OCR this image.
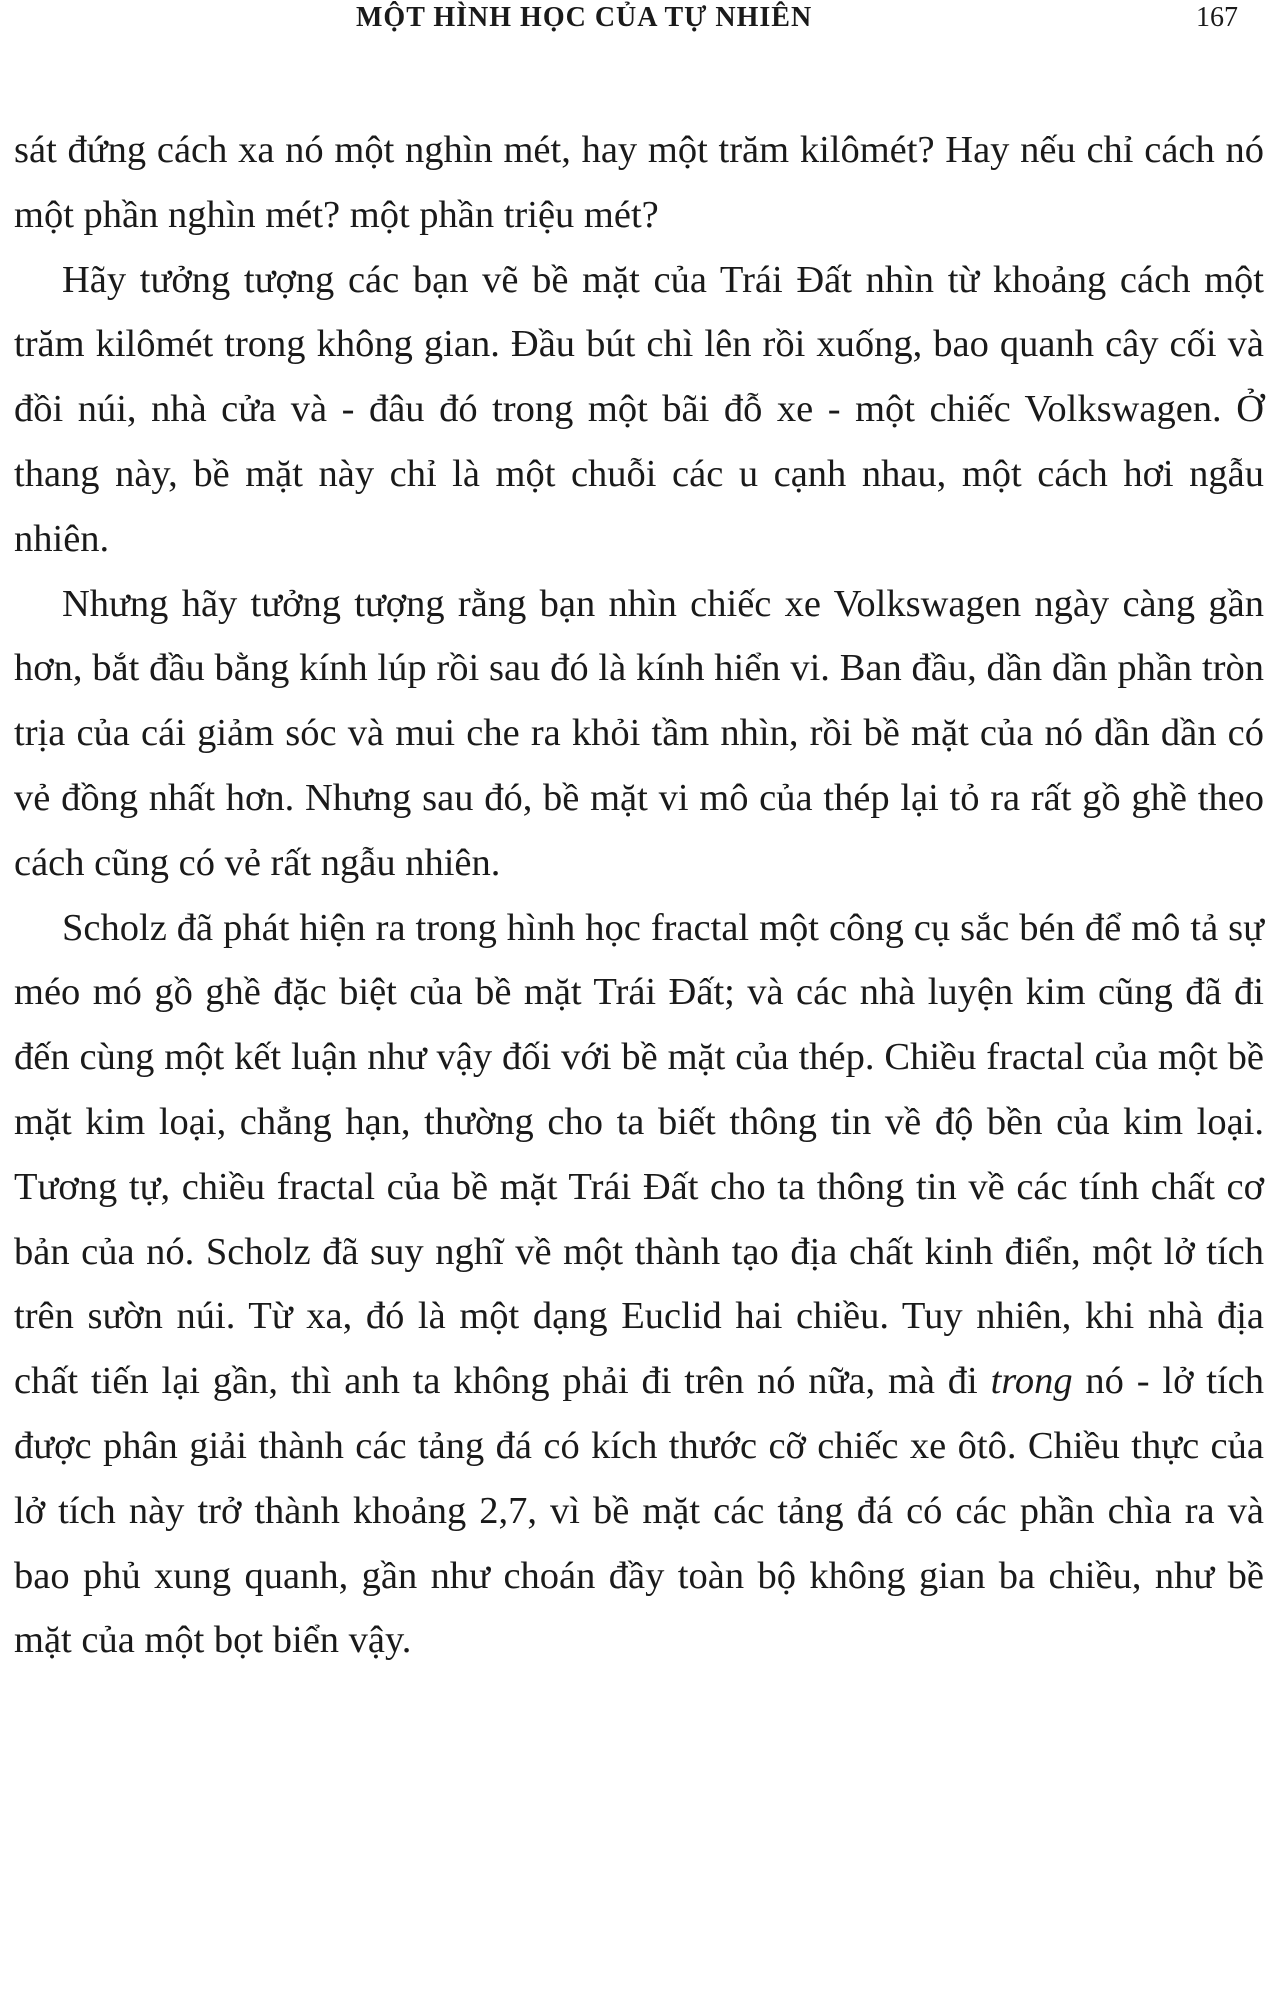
MỘT HÌNH HỌC CỦA TỰ NHIÊN	167

sát đứng cách xa nó một nghìn mét, hay một trăm kilômét? Hay nếu chỉ cách nó một phần nghìn mét? một phần triệu mét?

Hãy tưởng tượng các bạn vẽ bề mặt của Trái Đất nhìn từ khoảng cách một trăm kilômét trong không gian. Đầu bút chì lên rồi xuống, bao quanh cây cối và đồi núi, nhà cửa và - đâu đó trong một bãi đỗ xe - một chiếc Volkswagen. Ở thang này, bề mặt này chỉ là một chuỗi các u cạnh nhau, một cách hơi ngẫu nhiên.

Nhưng hãy tưởng tượng rằng bạn nhìn chiếc xe Volkswagen ngày càng gần hơn, bắt đầu bằng kính lúp rồi sau đó là kính hiển vi. Ban đầu, dần dần phần tròn trịa của cái giảm sóc và mui che ra khỏi tầm nhìn, rồi bề mặt của nó dần dần có vẻ đồng nhất hơn. Nhưng sau đó, bề mặt vi mô của thép lại tỏ ra rất gồ ghề theo cách cũng có vẻ rất ngẫu nhiên.

Scholz đã phát hiện ra trong hình học fractal một công cụ sắc bén để mô tả sự méo mó gồ ghề đặc biệt của bề mặt Trái Đất; và các nhà luyện kim cũng đã đi đến cùng một kết luận như vậy đối với bề mặt của thép. Chiều fractal của một bề mặt kim loại, chẳng hạn, thường cho ta biết thông tin về độ bền của kim loại. Tương tự, chiều fractal của bề mặt Trái Đất cho ta thông tin về các tính chất cơ bản của nó. Scholz đã suy nghĩ về một thành tạo địa chất kinh điển, một lở tích trên sườn núi. Từ xa, đó là một dạng Euclid hai chiều. Tuy nhiên, khi nhà địa chất tiến lại gần, thì anh ta không phải đi trên nó nữa, mà đi trong nó - lở tích được phân giải thành các tảng đá có kích thước cỡ chiếc xe ôtô. Chiều thực của lở tích này trở thành khoảng 2,7, vì bề mặt các tảng đá có các phần chìa ra và bao phủ xung quanh, gần như choán đầy toàn bộ không gian ba chiều, như bề mặt của một bọt biển vậy.
